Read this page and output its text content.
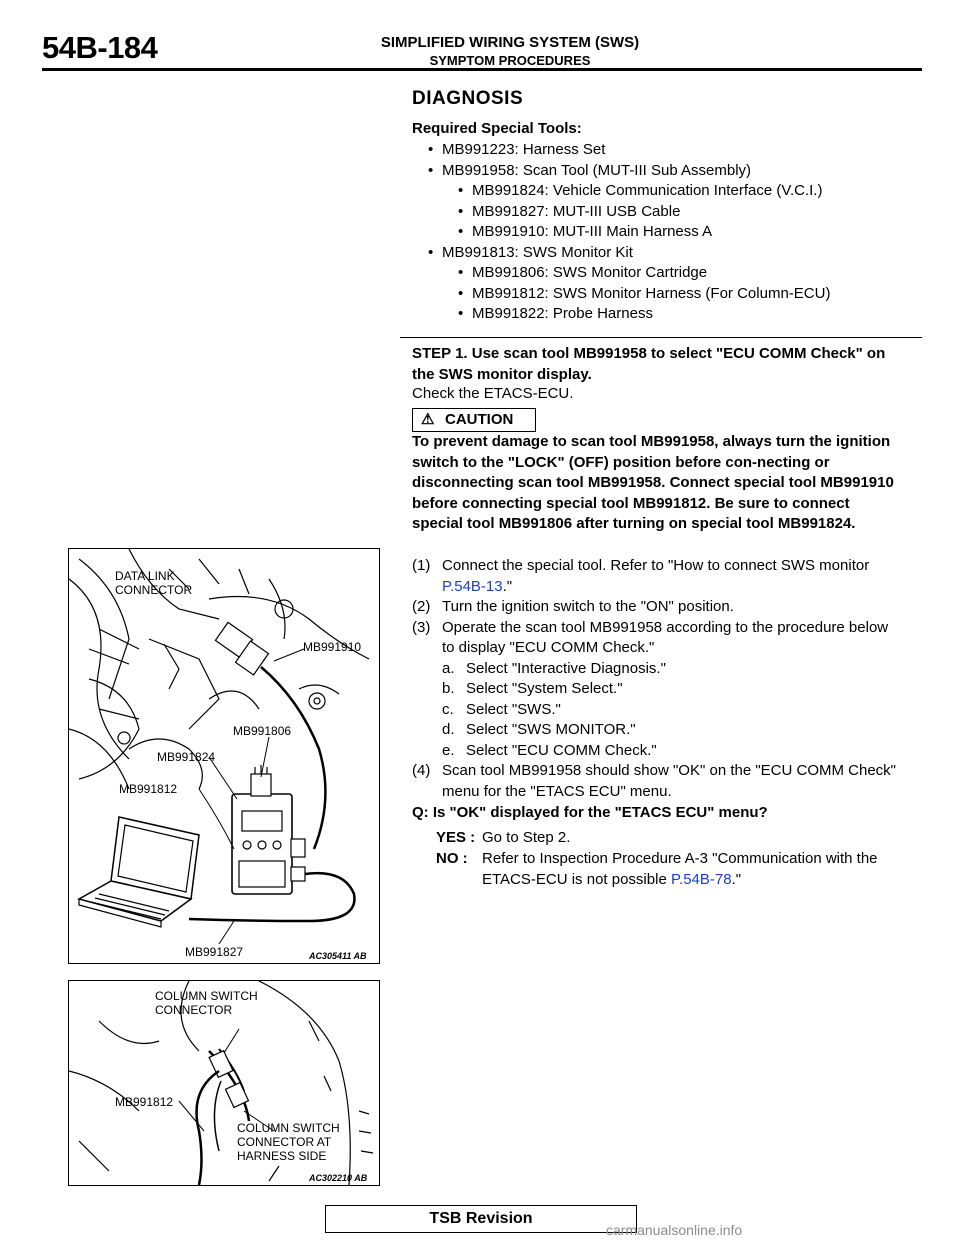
54B-184	SIMPLIFIED WIRING SYSTEM (SWS)
SYMPTOM PROCEDURES
DIAGNOSIS
Required Special Tools:
• MB991223: Harness Set
• MB991958: Scan Tool (MUT-III Sub Assembly)
• MB991824: Vehicle Communication Interface (V.C.I.)
• MB991827: MUT-III USB Cable
• MB991910: MUT-III Main Harness A
• MB991813: SWS Monitor Kit
• MB991806: SWS Monitor Cartridge
• MB991812: SWS Monitor Harness (For Column-ECU)
• MB991822: Probe Harness
STEP 1. Use scan tool MB991958 to select "ECU COMM Check" on the SWS monitor display.
Check the ETACS-ECU.
⚠ CAUTION
To prevent damage to scan tool MB991958, always turn the ignition switch to the "LOCK" (OFF) position before con-necting or disconnecting scan tool MB991958. Connect special tool MB991910 before connecting special tool MB991812. Be sure to connect special tool MB991806 after turning on special tool MB991824.
(1) Connect the special tool. Refer to "How to connect SWS monitor P.54B-13."
(2) Turn the ignition switch to the "ON" position.
(3) Operate the scan tool MB991958 according to the procedure below to display "ECU COMM Check."
a. Select "Interactive Diagnosis."
b. Select "System Select."
c. Select "SWS."
d. Select "SWS MONITOR."
e. Select "ECU COMM Check."
(4) Scan tool MB991958 should show "OK" on the "ECU COMM Check" menu for the "ETACS ECU" menu.
Q: Is "OK" displayed for the "ETACS ECU" menu?
YES : Go to Step 2.
NO : Refer to Inspection Procedure A-3 "Communication with the ETACS-ECU is not possible P.54B-78."
DATA LINK
CONNECTOR
MB991910
MB991806
MB991824
MB991812
MB991827	AC305411 AB
COLUMN SWITCH
CONNECTOR
MB991812
COLUMN SWITCH
CONNECTOR AT
HARNESS SIDE
AC302210 AB
TSB Revision
carmanualsonline.info
